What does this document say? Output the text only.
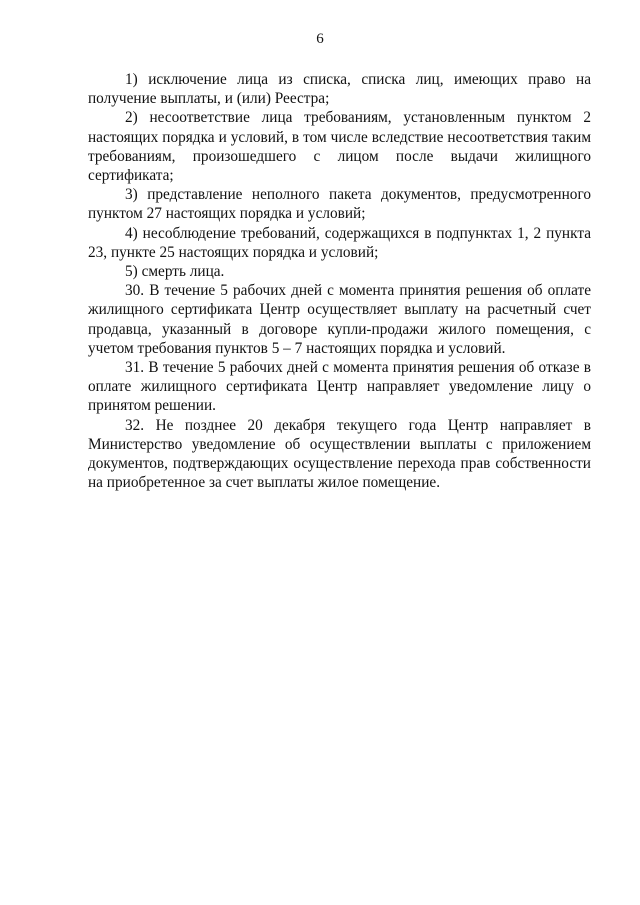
6

1) исключение лица из списка, списка лиц, имеющих право на получение выплаты, и (или) Реестра;

2) несоответствие лица требованиям, установленным пунктом 2 настоящих порядка и условий, в том числе вследствие несоответствия таким требованиям, произошедшего с лицом после выдачи жилищного сертификата;

3) представление неполного пакета документов, предусмотренного пунктом 27 настоящих порядка и условий;

4) несоблюдение требований, содержащихся в подпунктах 1, 2 пункта 23, пункте 25 настоящих порядка и условий;

5) смерть лица.

30. В течение 5 рабочих дней с момента принятия решения об оплате жилищного сертификата Центр осуществляет выплату на расчетный счет продавца, указанный в договоре купли-продажи жилого помещения, с учетом требования пунктов 5 – 7 настоящих порядка и условий.

31. В течение 5 рабочих дней с момента принятия решения об отказе в оплате жилищного сертификата Центр направляет уведомление лицу о принятом решении.

32. Не позднее 20 декабря текущего года Центр направляет в Министерство уведомление об осуществлении выплаты с приложением документов, подтверждающих осуществление перехода прав собственности на приобретенное за счет выплаты жилое помещение.
